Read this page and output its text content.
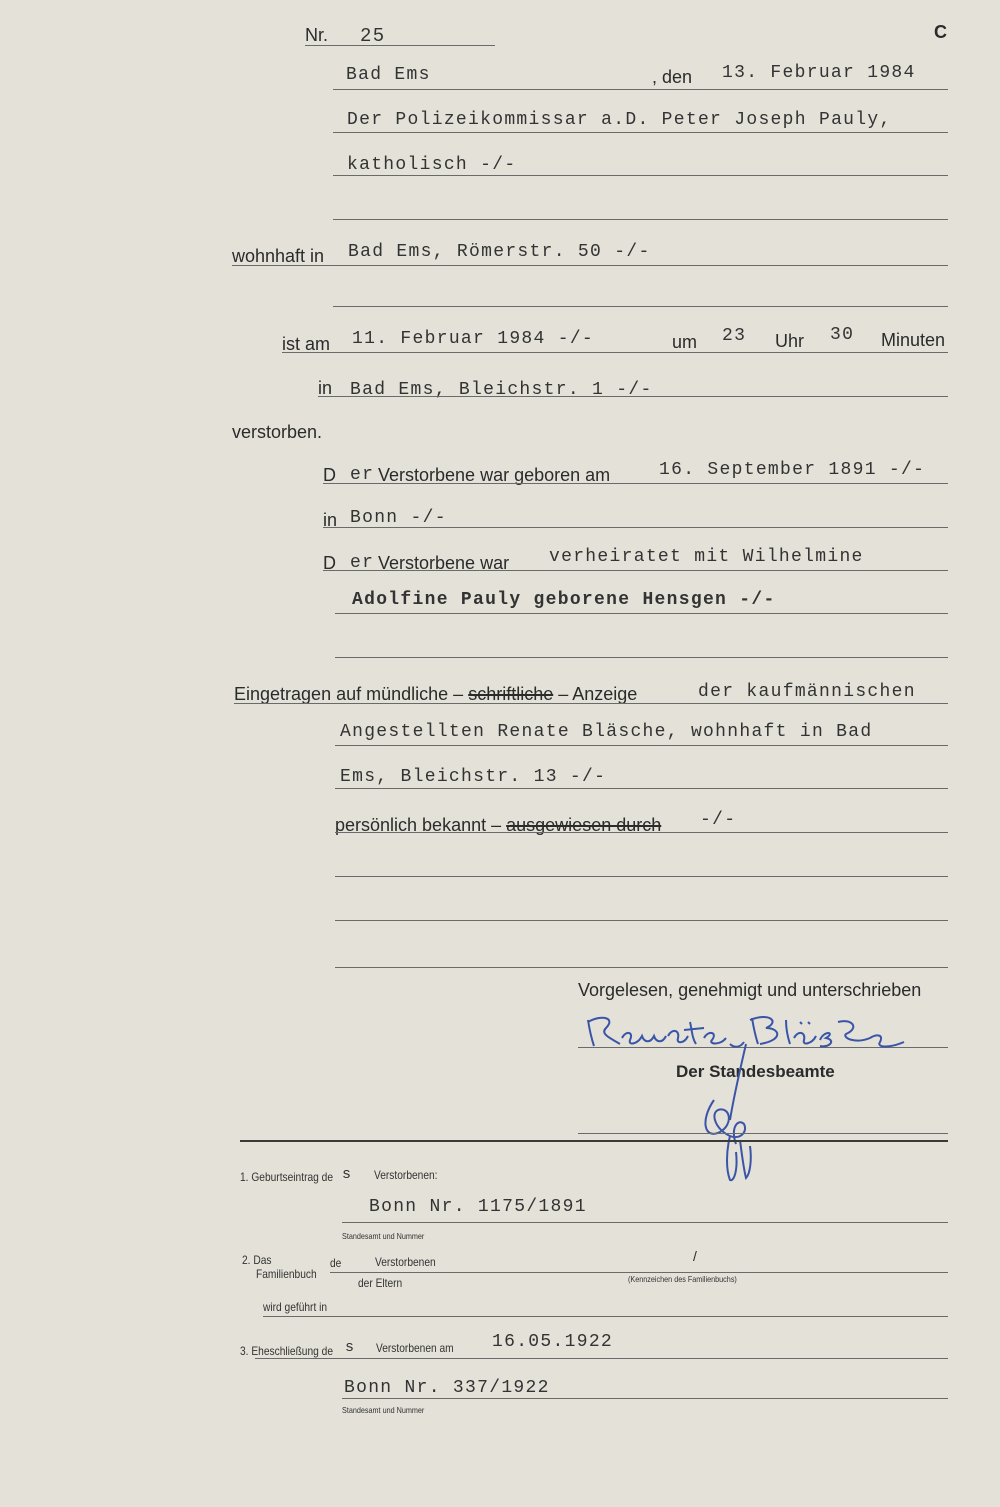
Nr. 25	C
Bad Ems	, den 13. Februar 1984
Der Polizeikommissar a.D. Peter Joseph Pauly,
katholisch -/-
wohnhaft in Bad Ems, Römerstr. 50 -/-
ist am 11. Februar 1984 -/-	um 23 Uhr 30 Minuten
in Bad Ems, Bleichstr. 1 -/-
verstorben.
D er Verstorbene war geboren am	16. September 1891 -/-
in Bonn -/-
D er Verstorbene war verheiratet mit Wilhelmine
Adolfine Pauly geborene Hensgen -/-
Eingetragen auf mündliche – schriftliche – Anzeige	der kaufmännischen
Angestellten Renate Bläsche, wohnhaft in Bad
Ems, Bleichstr. 13 -/-
persönlich bekannt – ausgewiesen durch -/-
Vorgelesen, genehmigt und unterschrieben
Der Standesbeamte
1. Geburtseintrag de s Verstorbenen:
Bonn Nr. 1175/1891
Standesamt und Nummer
2. Das
Familienbuch
de	Verstorbenen
der Eltern
/
(Kennzeichen des Familienbuchs)
wird geführt in
3. Eheschließung de s Verstorbenen am 16.05.1922
Bonn Nr. 337/1922
Standesamt und Nummer
